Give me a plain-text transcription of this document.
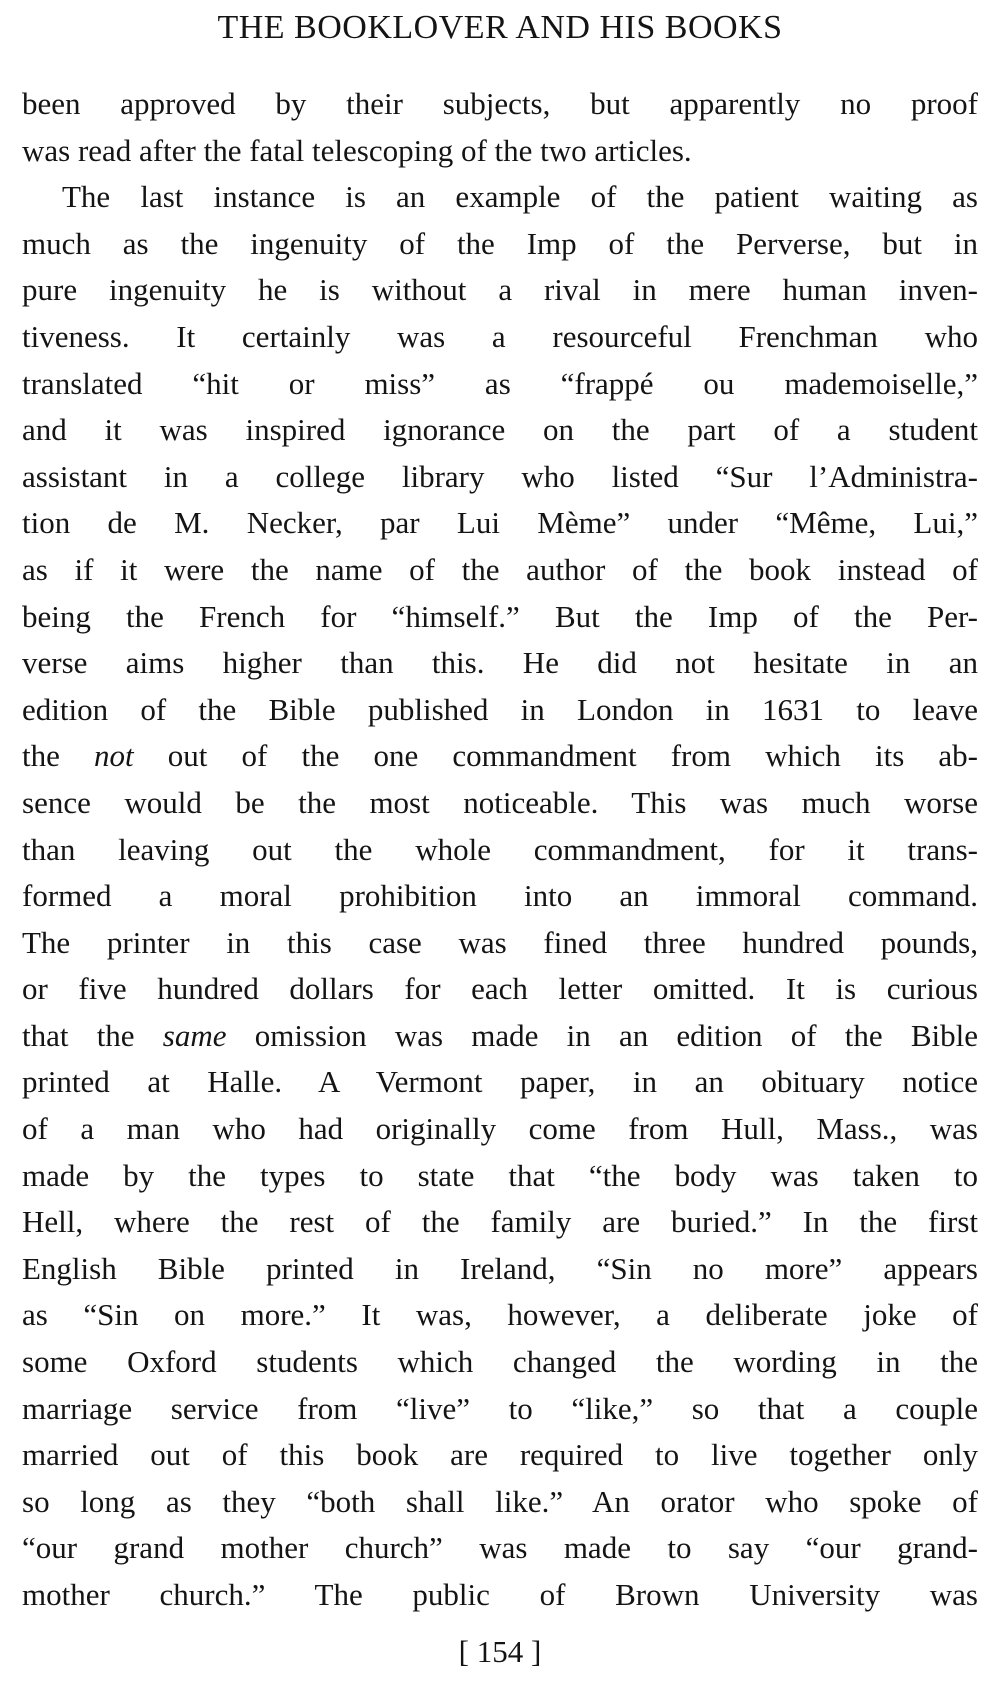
THE BOOKLOVER AND HIS BOOKS
been approved by their subjects, but apparently no proof
was read after the fatal telescoping of the two articles.
The last instance is an example of the patient waiting as
much as the ingenuity of the Imp of the Perverse, but in
pure ingenuity he is without a rival in mere human inven-
tiveness. It certainly was a resourceful Frenchman who
translated “hit or miss” as “frappé ou mademoiselle,”
and it was inspired ignorance on the part of a student
assistant in a college library who listed “Sur l’Administra-
tion de M. Necker, par Lui Mème” under “Même, Lui,”
as if it were the name of the author of the book instead of
being the French for “himself.” But the Imp of the Per-
verse aims higher than this. He did not hesitate in an
edition of the Bible published in London in 1631 to leave
the not out of the one commandment from which its ab-
sence would be the most noticeable. This was much worse
than leaving out the whole commandment, for it trans-
formed a moral prohibition into an immoral command.
The printer in this case was fined three hundred pounds,
or five hundred dollars for each letter omitted. It is curious
that the same omission was made in an edition of the Bible
printed at Halle. A Vermont paper, in an obituary notice
of a man who had originally come from Hull, Mass., was
made by the types to state that “the body was taken to
Hell, where the rest of the family are buried.” In the first
English Bible printed in Ireland, “Sin no more” appears
as “Sin on more.” It was, however, a deliberate joke of
some Oxford students which changed the wording in the
marriage service from “live” to “like,” so that a couple
married out of this book are required to live together only
so long as they “both shall like.” An orator who spoke of
“our grand mother church” was made to say “our grand-
mother church.” The public of Brown University was
[ 154 ]
